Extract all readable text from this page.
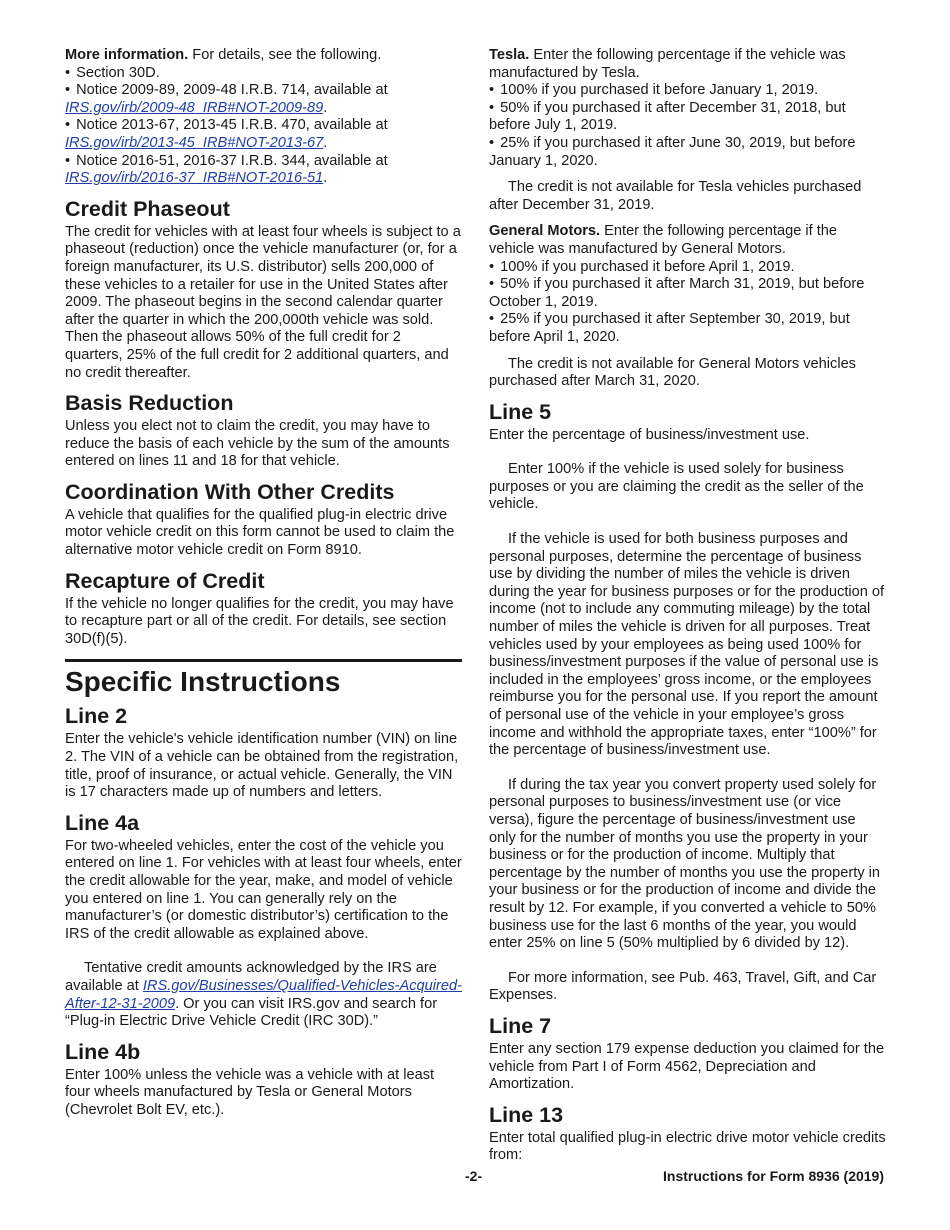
More information. For details, see the following.

• Section 30D.

• Notice 2009-89, 2009-48 I.R.B. 714, available at IRS.gov/irb/2009-48_IRB#NOT-2009-89.

• Notice 2013-67, 2013-45 I.R.B. 470, available at IRS.gov/irb/2013-45_IRB#NOT-2013-67.

• Notice 2016-51, 2016-37 I.R.B. 344, available at IRS.gov/irb/2016-37_IRB#NOT-2016-51.

Credit Phaseout

The credit for vehicles with at least four wheels is subject to a phaseout (reduction) once the vehicle manufacturer (or, for a foreign manufacturer, its U.S. distributor) sells 200,000 of these vehicles to a retailer for use in the United States after 2009. The phaseout begins in the second calendar quarter after the quarter in which the 200,000th vehicle was sold. Then the phaseout allows 50% of the full credit for 2 quarters, 25% of the full credit for 2 additional quarters, and no credit thereafter.

Basis Reduction

Unless you elect not to claim the credit, you may have to reduce the basis of each vehicle by the sum of the amounts entered on lines 11 and 18 for that vehicle.

Coordination With Other Credits

A vehicle that qualifies for the qualified plug-in electric drive motor vehicle credit on this form cannot be used to claim the alternative motor vehicle credit on Form 8910.

Recapture of Credit

If the vehicle no longer qualifies for the credit, you may have to recapture part or all of the credit. For details, see section 30D(f)(5).

Specific Instructions
Line 2

Enter the vehicle's vehicle identification number (VIN) on line 2. The VIN of a vehicle can be obtained from the registration, title, proof of insurance, or actual vehicle. Generally, the VIN is 17 characters made up of numbers and letters.

Line 4a

For two-wheeled vehicles, enter the cost of the vehicle you entered on line 1. For vehicles with at least four wheels, enter the credit allowable for the year, make, and model of vehicle you entered on line 1. You can generally rely on the manufacturer’s (or domestic distributor’s) certification to the IRS of the credit allowable as explained above.

Tentative credit amounts acknowledged by the IRS are available at IRS.gov/Businesses/Qualified-Vehicles-Acquired-After-12-31-2009. Or you can visit IRS.gov and search for “Plug-in Electric Drive Vehicle Credit (IRC 30D).”

Line 4b

Enter 100% unless the vehicle was a vehicle with at least four wheels manufactured by Tesla or General Motors (Chevrolet Bolt EV, etc.).

Tesla. Enter the following percentage if the vehicle was manufactured by Tesla.

• 100% if you purchased it before January 1, 2019.

• 50% if you purchased it after December 31, 2018, but before July 1, 2019.

• 25% if you purchased it after June 30, 2019, but before January 1, 2020.

The credit is not available for Tesla vehicles purchased after December 31, 2019.

General Motors. Enter the following percentage if the vehicle was manufactured by General Motors.

• 100% if you purchased it before April 1, 2019.

• 50% if you purchased it after March 31, 2019, but before October 1, 2019.

• 25% if you purchased it after September 30, 2019, but before April 1, 2020.

The credit is not available for General Motors vehicles purchased after March 31, 2020.

Line 5

Enter the percentage of business/investment use.

Enter 100% if the vehicle is used solely for business purposes or you are claiming the credit as the seller of the vehicle.

If the vehicle is used for both business purposes and personal purposes, determine the percentage of business use by dividing the number of miles the vehicle is driven during the year for business purposes or for the production of income (not to include any commuting mileage) by the total number of miles the vehicle is driven for all purposes. Treat vehicles used by your employees as being used 100% for business/investment purposes if the value of personal use is included in the employees’ gross income, or the employees reimburse you for the personal use. If you report the amount of personal use of the vehicle in your employee’s gross income and withhold the appropriate taxes, enter “100%” for the percentage of business/investment use.

If during the tax year you convert property used solely for personal purposes to business/investment use (or vice versa), figure the percentage of business/investment use only for the number of months you use the property in your business or for the production of income. Multiply that percentage by the number of months you use the property in your business or for the production of income and divide the result by 12. For example, if you converted a vehicle to 50% business use for the last 6 months of the year, you would enter 25% on line 5 (50% multiplied by 6 divided by 12).

For more information, see Pub. 463, Travel, Gift, and Car Expenses.

Line 7

Enter any section 179 expense deduction you claimed for the vehicle from Part I of Form 4562, Depreciation and Amortization.

Line 13

Enter total qualified plug-in electric drive motor vehicle credits from:

-2-	Instructions for Form 8936 (2019)
